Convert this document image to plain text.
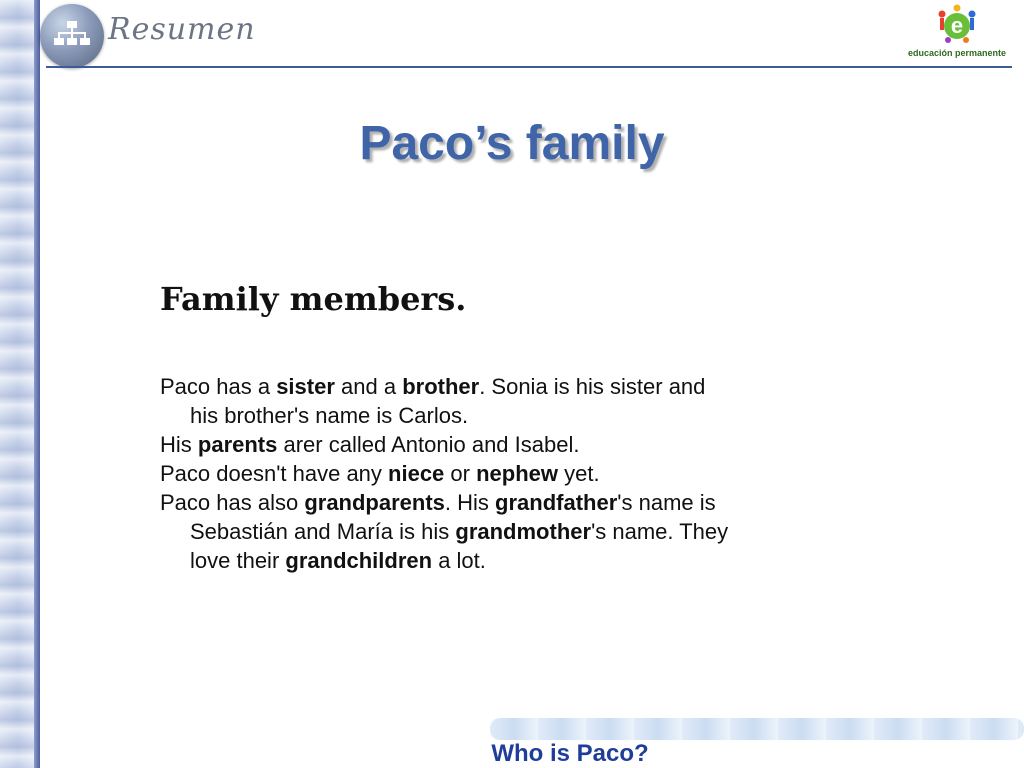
Resumen	e
educación permanente
Paco’s family
Family members.

Paco has a sister and a brother. Sonia is his sister and his brother's name is Carlos.

His parents arer called Antonio and Isabel.

Paco doesn't have any niece or nephew yet.

Paco has also grandparents. His grandfather's name is Sebastián and María is his grandmother's name. They love their grandchildren a lot.

Who is Paco?
